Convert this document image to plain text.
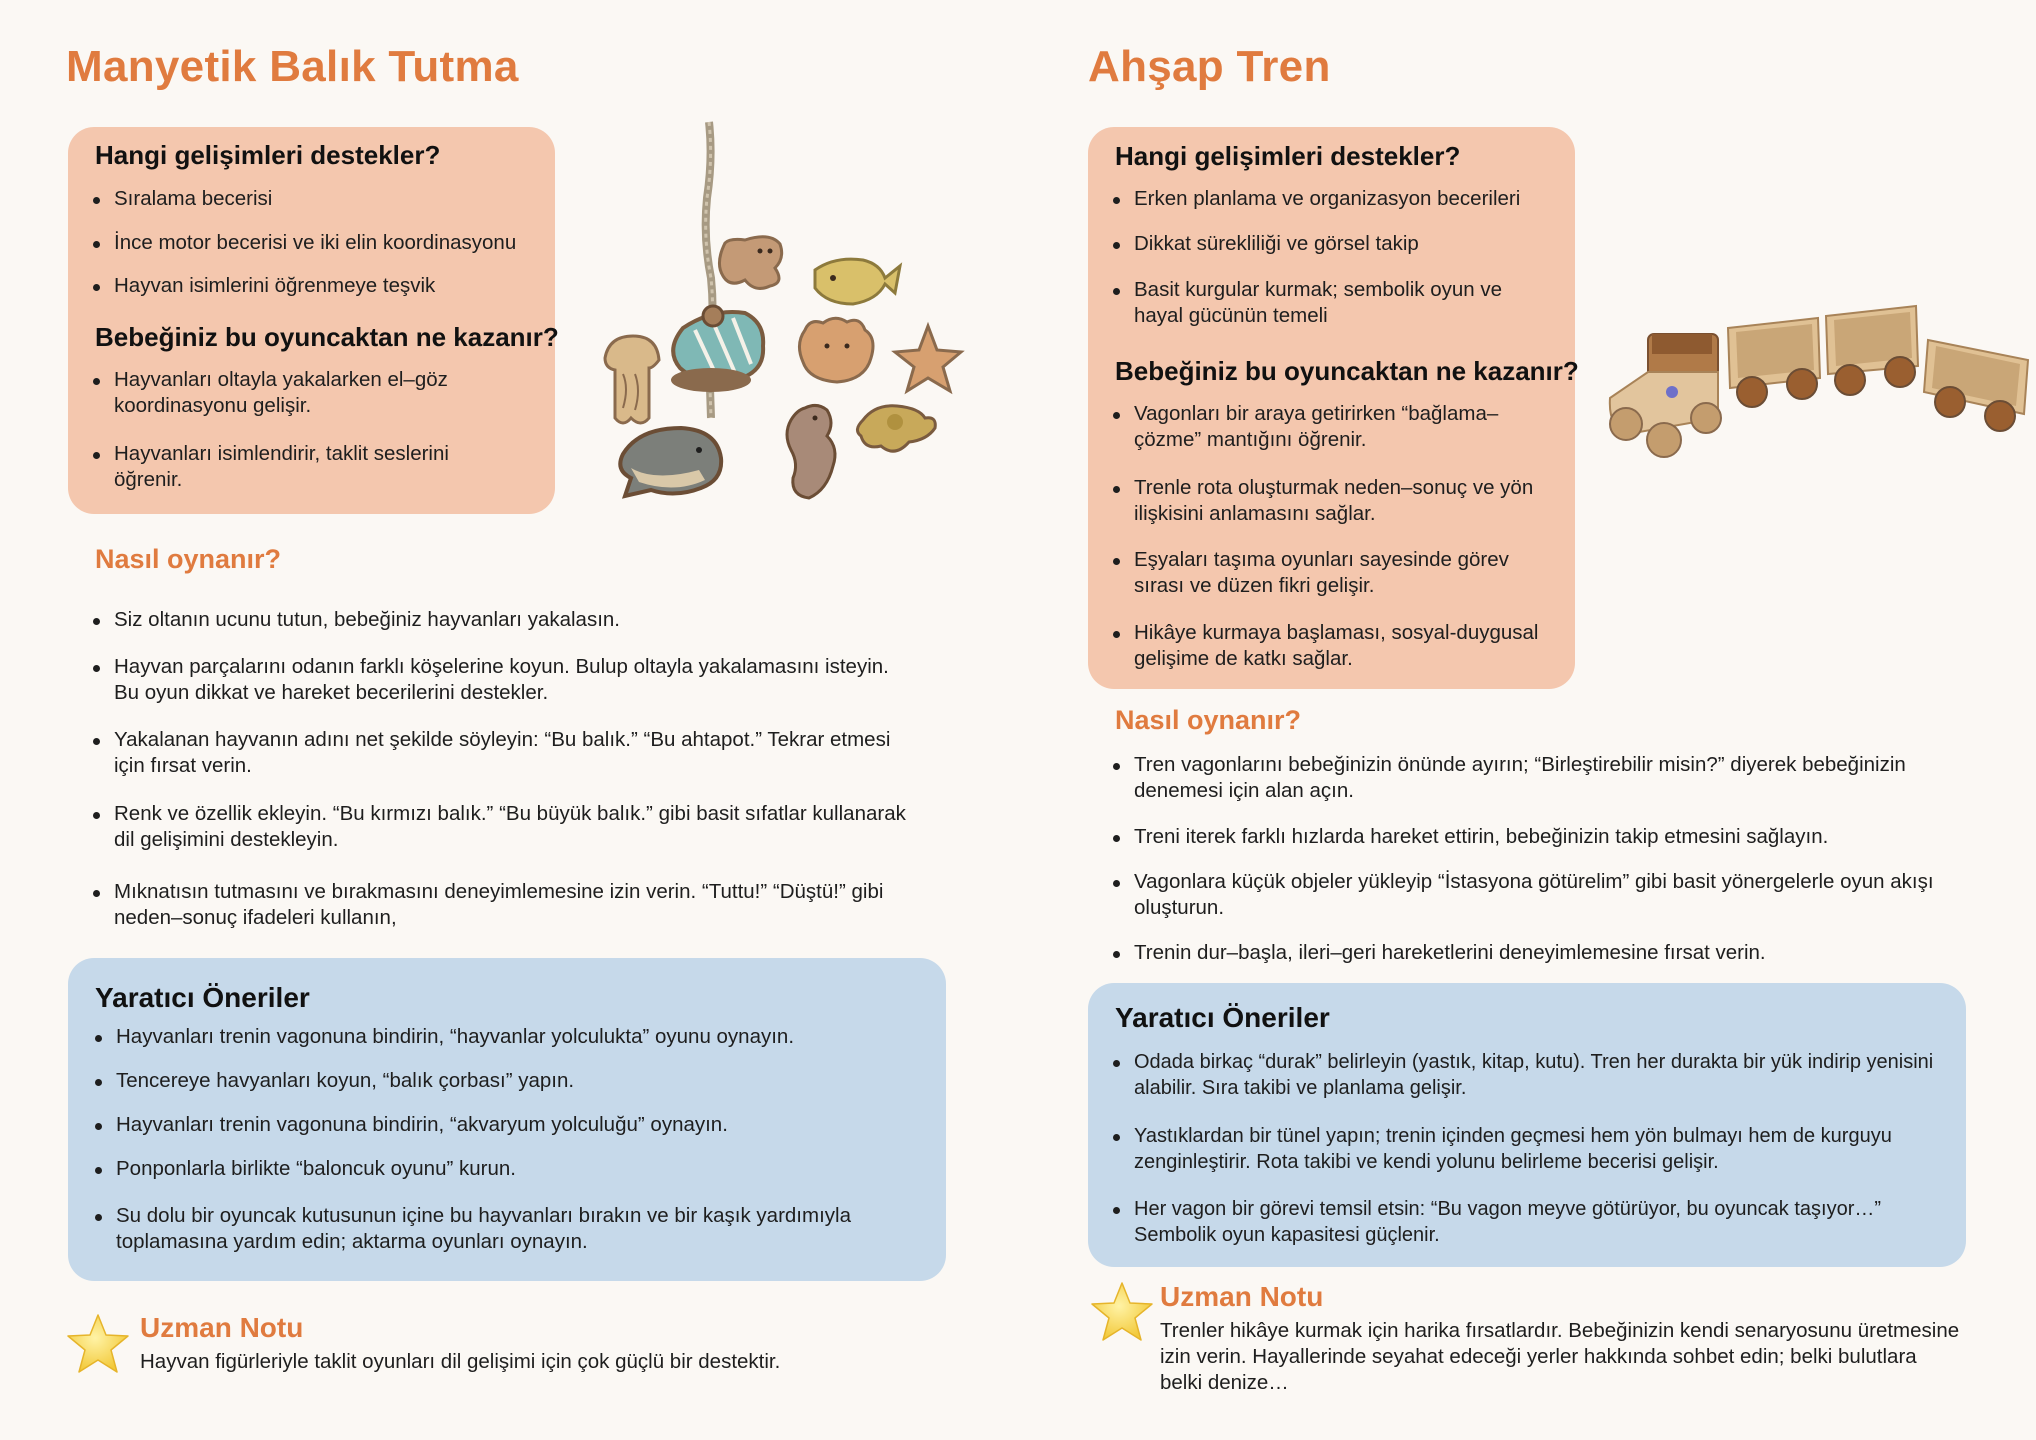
Manyetik Balık Tutma
Hangi gelişimleri destekler?
Sıralama becerisi
İnce motor becerisi ve iki elin koordinasyonu
Hayvan isimlerini öğrenmeye teşvik
Bebeğiniz bu oyuncaktan ne kazanır?
Hayvanları oltayla yakalarken el–göz koordinasyonu gelişir.
Hayvanları isimlendirir, taklit seslerini öğrenir.
Nasıl oynanır?
Siz oltanın ucunu tutun, bebeğiniz hayvanları yakalasın.
Hayvan parçalarını odanın farklı köşelerine koyun. Bulup oltayla yakalamasını isteyin. Bu oyun dikkat ve hareket becerilerini destekler.
Yakalanan hayvanın adını net şekilde söyleyin: “Bu balık.” “Bu ahtapot.” Tekrar etmesi için fırsat verin.
Renk ve özellik ekleyin. “Bu kırmızı balık.” “Bu büyük balık.” gibi basit sıfatlar kullanarak dil gelişimini destekleyin.
Mıknatısın tutmasını ve bırakmasını deneyimlemesine izin verin. “Tuttu!” “Düştü!” gibi neden–sonuç ifadeleri kullanın,
Yaratıcı Öneriler
Hayvanları trenin vagonuna bindirin, “hayvanlar yolculukta” oyunu oynayın.
Tencereye havyanları koyun, “balık çorbası” yapın.
Hayvanları trenin vagonuna bindirin, “akvaryum yolculuğu” oynayın.
Ponponlarla birlikte “baloncuk oyunu” kurun.
Su dolu bir oyuncak kutusunun içine bu hayvanları bırakın ve bir kaşık yardımıyla toplamasına yardım edin; aktarma oyunları oynayın.
Uzman Notu

Hayvan figürleriyle taklit oyunları dil gelişimi için çok güçlü bir destektir.

Ahşap Tren
Hangi gelişimleri destekler?
Erken planlama ve organizasyon becerileri
Dikkat sürekliliği ve görsel takip
Basit kurgular kurmak; sembolik oyun ve hayal gücünün temeli
Bebeğiniz bu oyuncaktan ne kazanır?
Vagonları bir araya getirirken “bağlama–çözme” mantığını öğrenir.
Trenle rota oluşturmak neden–sonuç ve yön ilişkisini anlamasını sağlar.
Eşyaları taşıma oyunları sayesinde görev sırası ve düzen fikri gelişir.
Hikâye kurmaya başlaması, sosyal-duygusal gelişime de katkı sağlar.
Nasıl oynanır?
Tren vagonlarını bebeğinizin önünde ayırın; “Birleştirebilir misin?” diyerek bebeğinizin denemesi için alan açın.
Treni iterek farklı hızlarda hareket ettirin, bebeğinizin takip etmesini sağlayın.
Vagonlara küçük objeler yükleyip “İstasyona götürelim” gibi basit yönergelerle oyun akışı oluşturun.
Trenin dur–başla, ileri–geri hareketlerini deneyimlemesine fırsat verin.
Yaratıcı Öneriler
Odada birkaç “durak” belirleyin (yastık, kitap, kutu). Tren her durakta bir yük indirip yenisini alabilir. Sıra takibi ve planlama gelişir.
Yastıklardan bir tünel yapın; trenin içinden geçmesi hem yön bulmayı hem de kurguyu zenginleştirir. Rota takibi ve kendi yolunu belirleme becerisi gelişir.
Her vagon bir görevi temsil etsin: “Bu vagon meyve götürüyor, bu oyuncak taşıyor…” Sembolik oyun kapasitesi güçlenir.
Uzman Notu

Trenler hikâye kurmak için harika fırsatlardır. Bebeğinizin kendi senaryosunu üretmesine izin verin. Hayallerinde seyahat edeceği yerler hakkında sohbet edin; belki bulutlara belki denize…
